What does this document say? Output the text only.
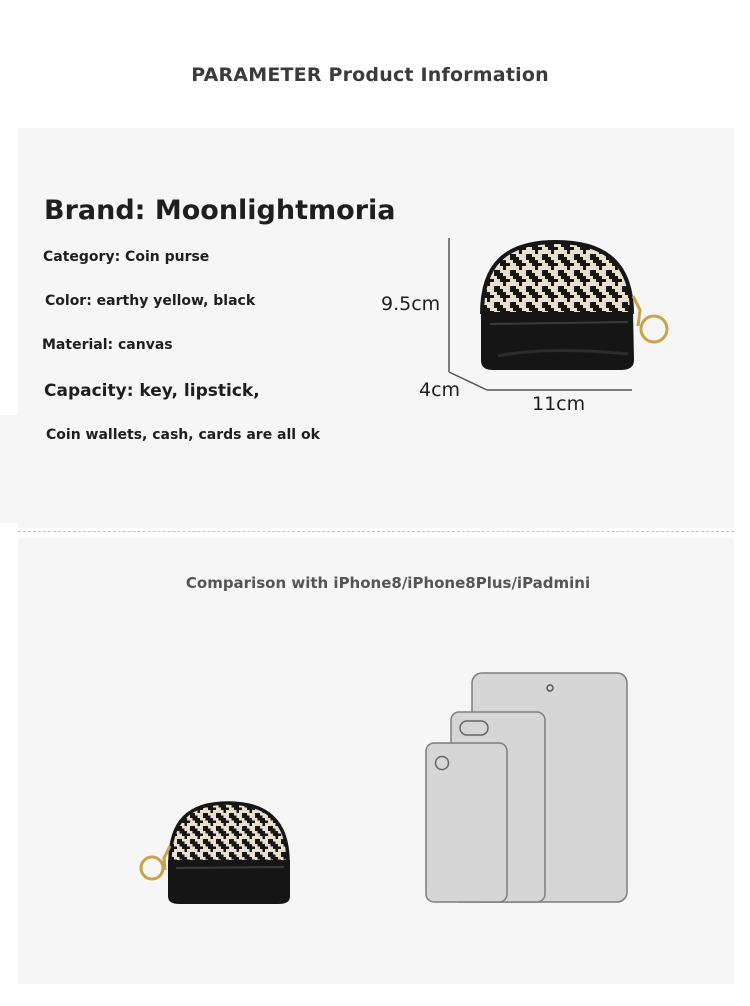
PARAMETER Product Information
Brand: Moonlightmoria
Category: Coin purse
Color: earthy yellow, black
Material: canvas
Capacity: key, lipstick,
Coin wallets, cash, cards are all ok
9.5cm
4cm
11cm
Comparison with iPhone8/iPhone8Plus/iPadmini
